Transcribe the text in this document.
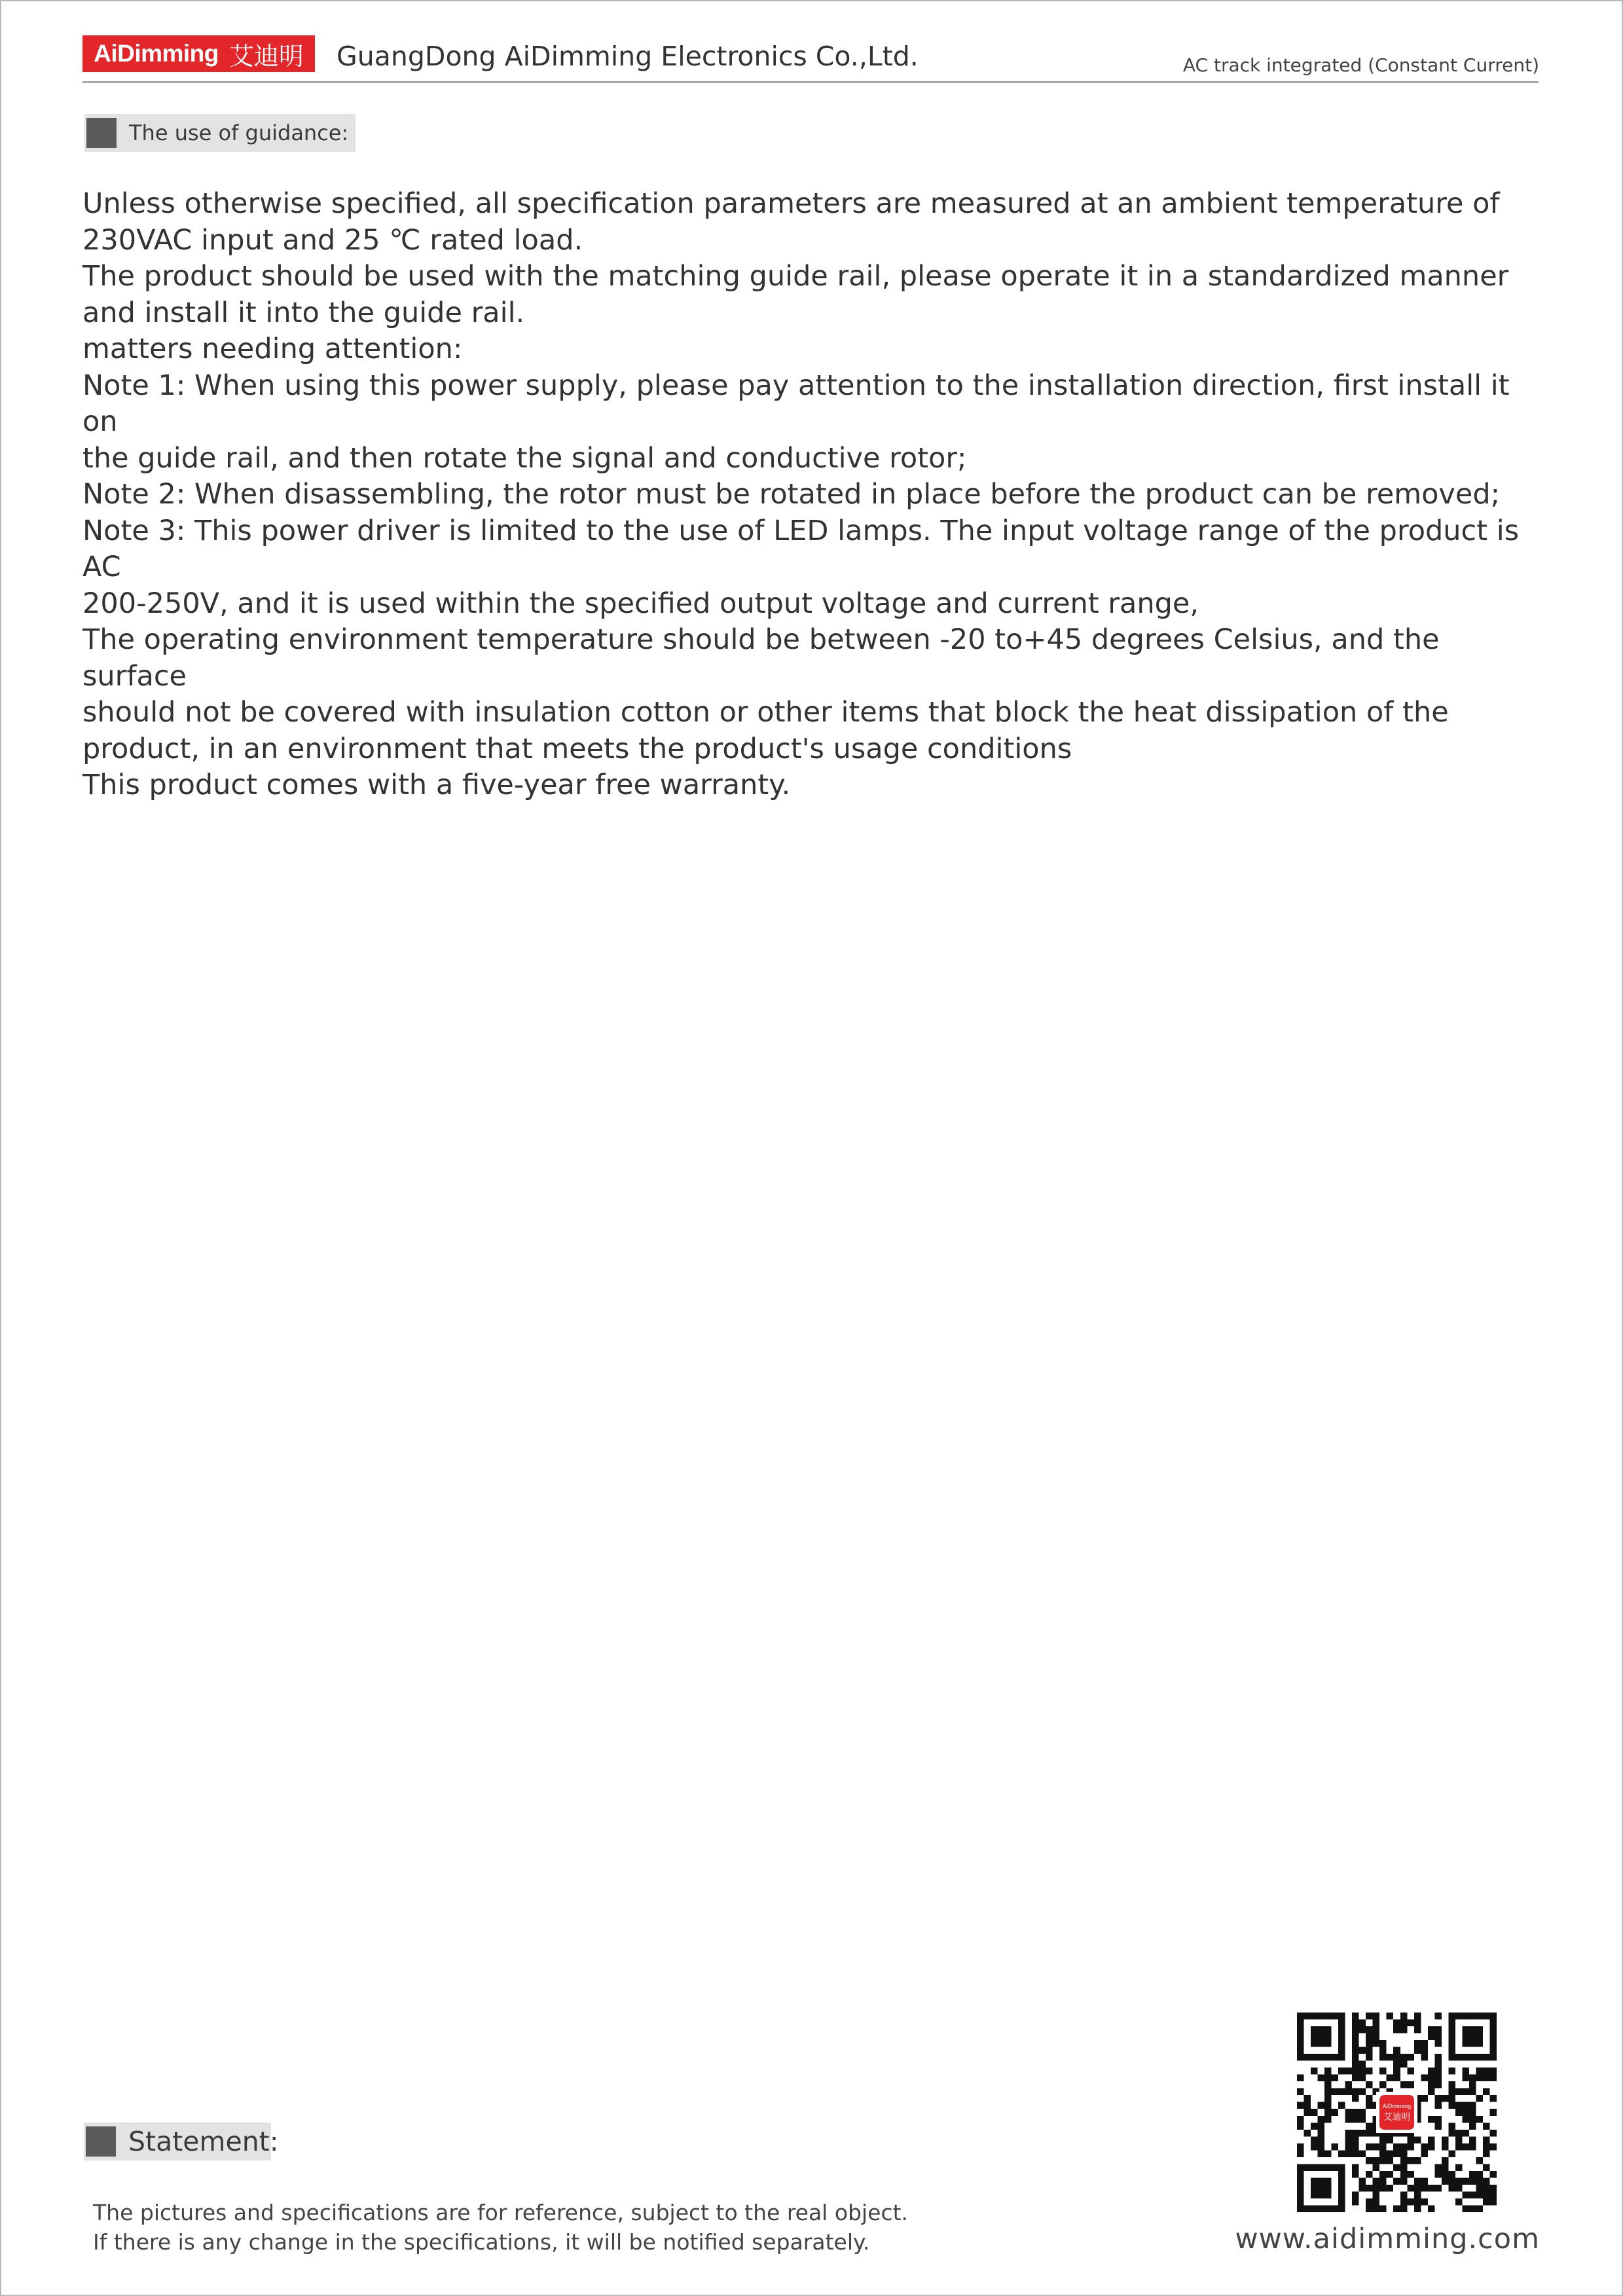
AiDimming 艾迪明 GuangDong AiDimming Electronics Co.,Ltd.	AC track integrated (Constant Current)
The use of guidance:

Unless otherwise specified, all specification parameters are measured at an ambient temperature of

230VAC input and 25 ℃ rated load.

The product should be used with the matching guide rail, please operate it in a standardized manner

and install it into the guide rail.

matters needing attention:

Note 1: When using this power supply, please pay attention to the installation direction, first install it on

the guide rail, and then rotate the signal and conductive rotor;

Note 2: When disassembling, the rotor must be rotated in place before the product can be removed;

Note 3: This power driver is limited to the use of LED lamps. The input voltage range of the product is AC

200-250V, and it is used within the specified output voltage and current range,

The operating environment temperature should be between -20 to+45 degrees Celsius, and the surface

should not be covered with insulation cotton or other items that block the heat dissipation of the

product, in an environment that meets the product's usage conditions

This product comes with a five-year free warranty.

Statement:

The pictures and specifications are for reference, subject to the real object.

If there is any change in the specifications, it will be notified separately.

艾迪明
www.aidimming.com
